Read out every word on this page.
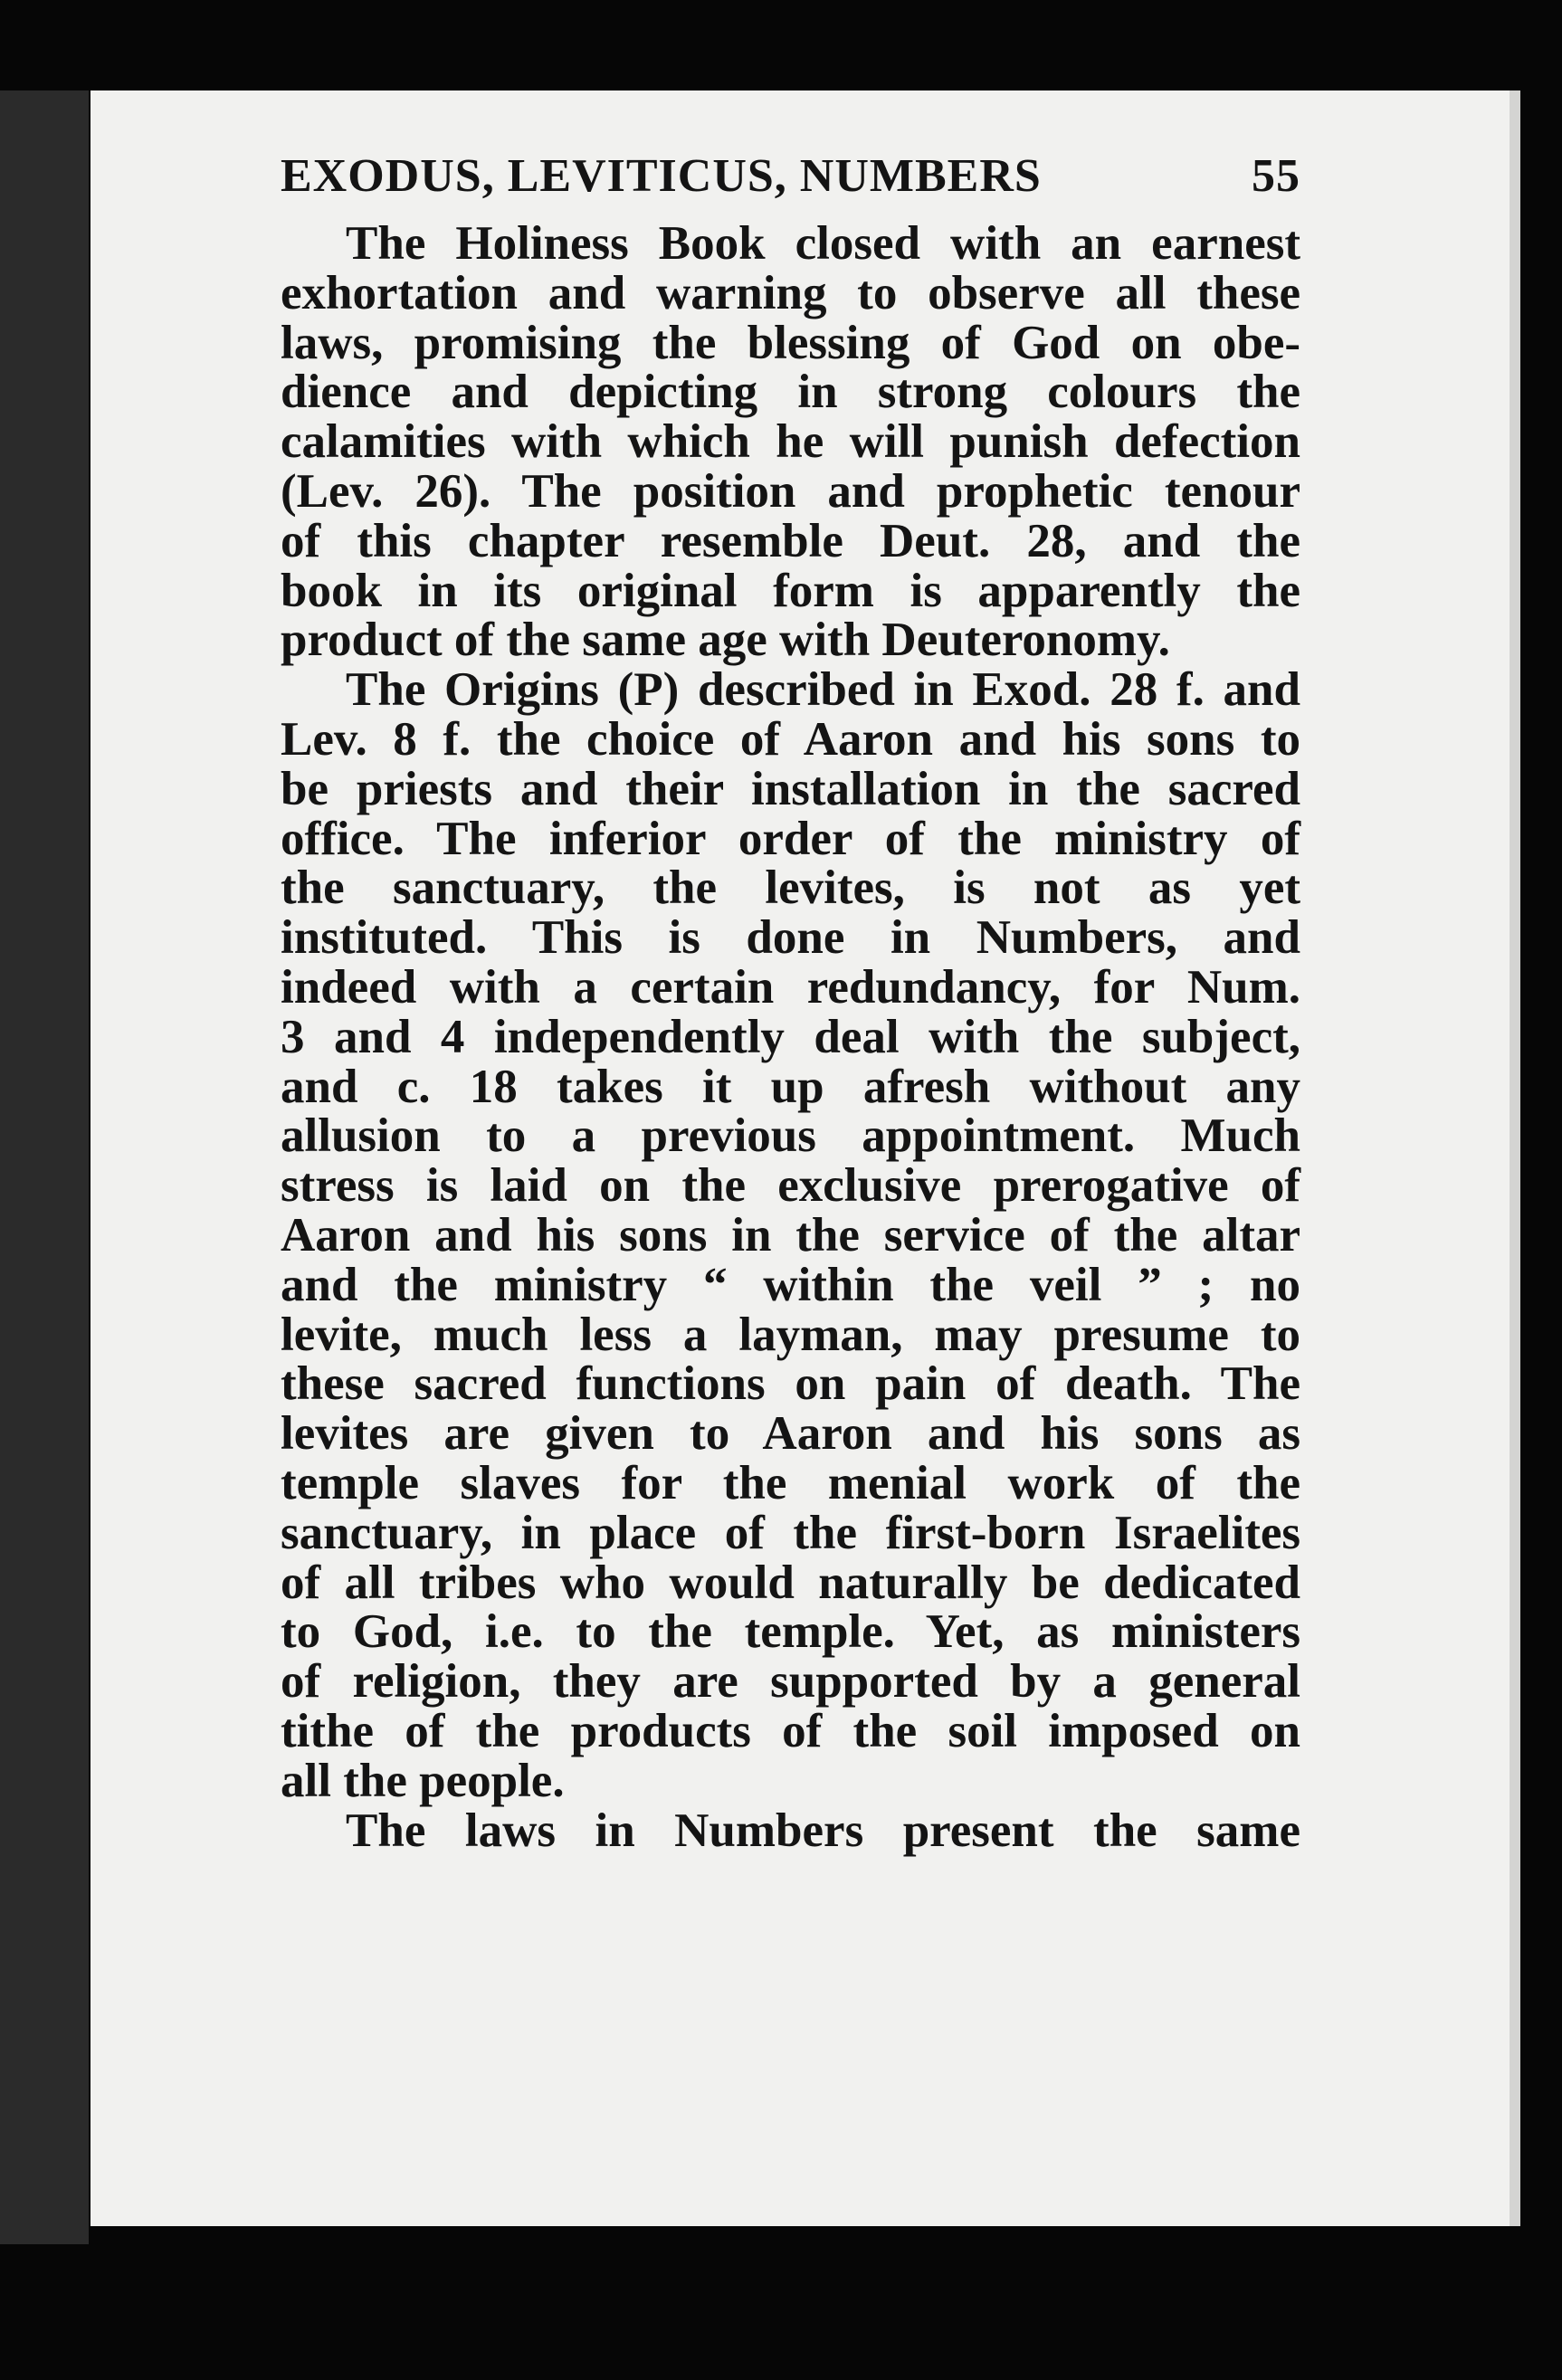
EXODUS, LEVITICUS, NUMBERS	55
The Holiness Book closed with an earnest
exhortation and warning to observe all these
laws, promising the blessing of God on obe-
dience and depicting in strong colours the
calamities with which he will punish defection
(Lev. 26). The position and prophetic tenour
of this chapter resemble Deut. 28, and the
book in its original form is apparently the
product of the same age with Deuteronomy.
The Origins (P) described in Exod. 28 f. and
Lev. 8 f. the choice of Aaron and his sons to
be priests and their installation in the sacred
office. The inferior order of the ministry of
the sanctuary, the levites, is not as yet
instituted. This is done in Numbers, and
indeed with a certain redundancy, for Num.
3 and 4 independently deal with the subject,
and c. 18 takes it up afresh without any
allusion to a previous appointment. Much
stress is laid on the exclusive prerogative of
Aaron and his sons in the service of the altar
and the ministry “ within the veil ” ; no
levite, much less a layman, may presume to
these sacred functions on pain of death. The
levites are given to Aaron and his sons as
temple slaves for the menial work of the
sanctuary, in place of the first-born Israelites
of all tribes who would naturally be dedicated
to God, i.e. to the temple. Yet, as ministers
of religion, they are supported by a general
tithe of the products of the soil imposed on
all the people.
The laws in Numbers present the same
